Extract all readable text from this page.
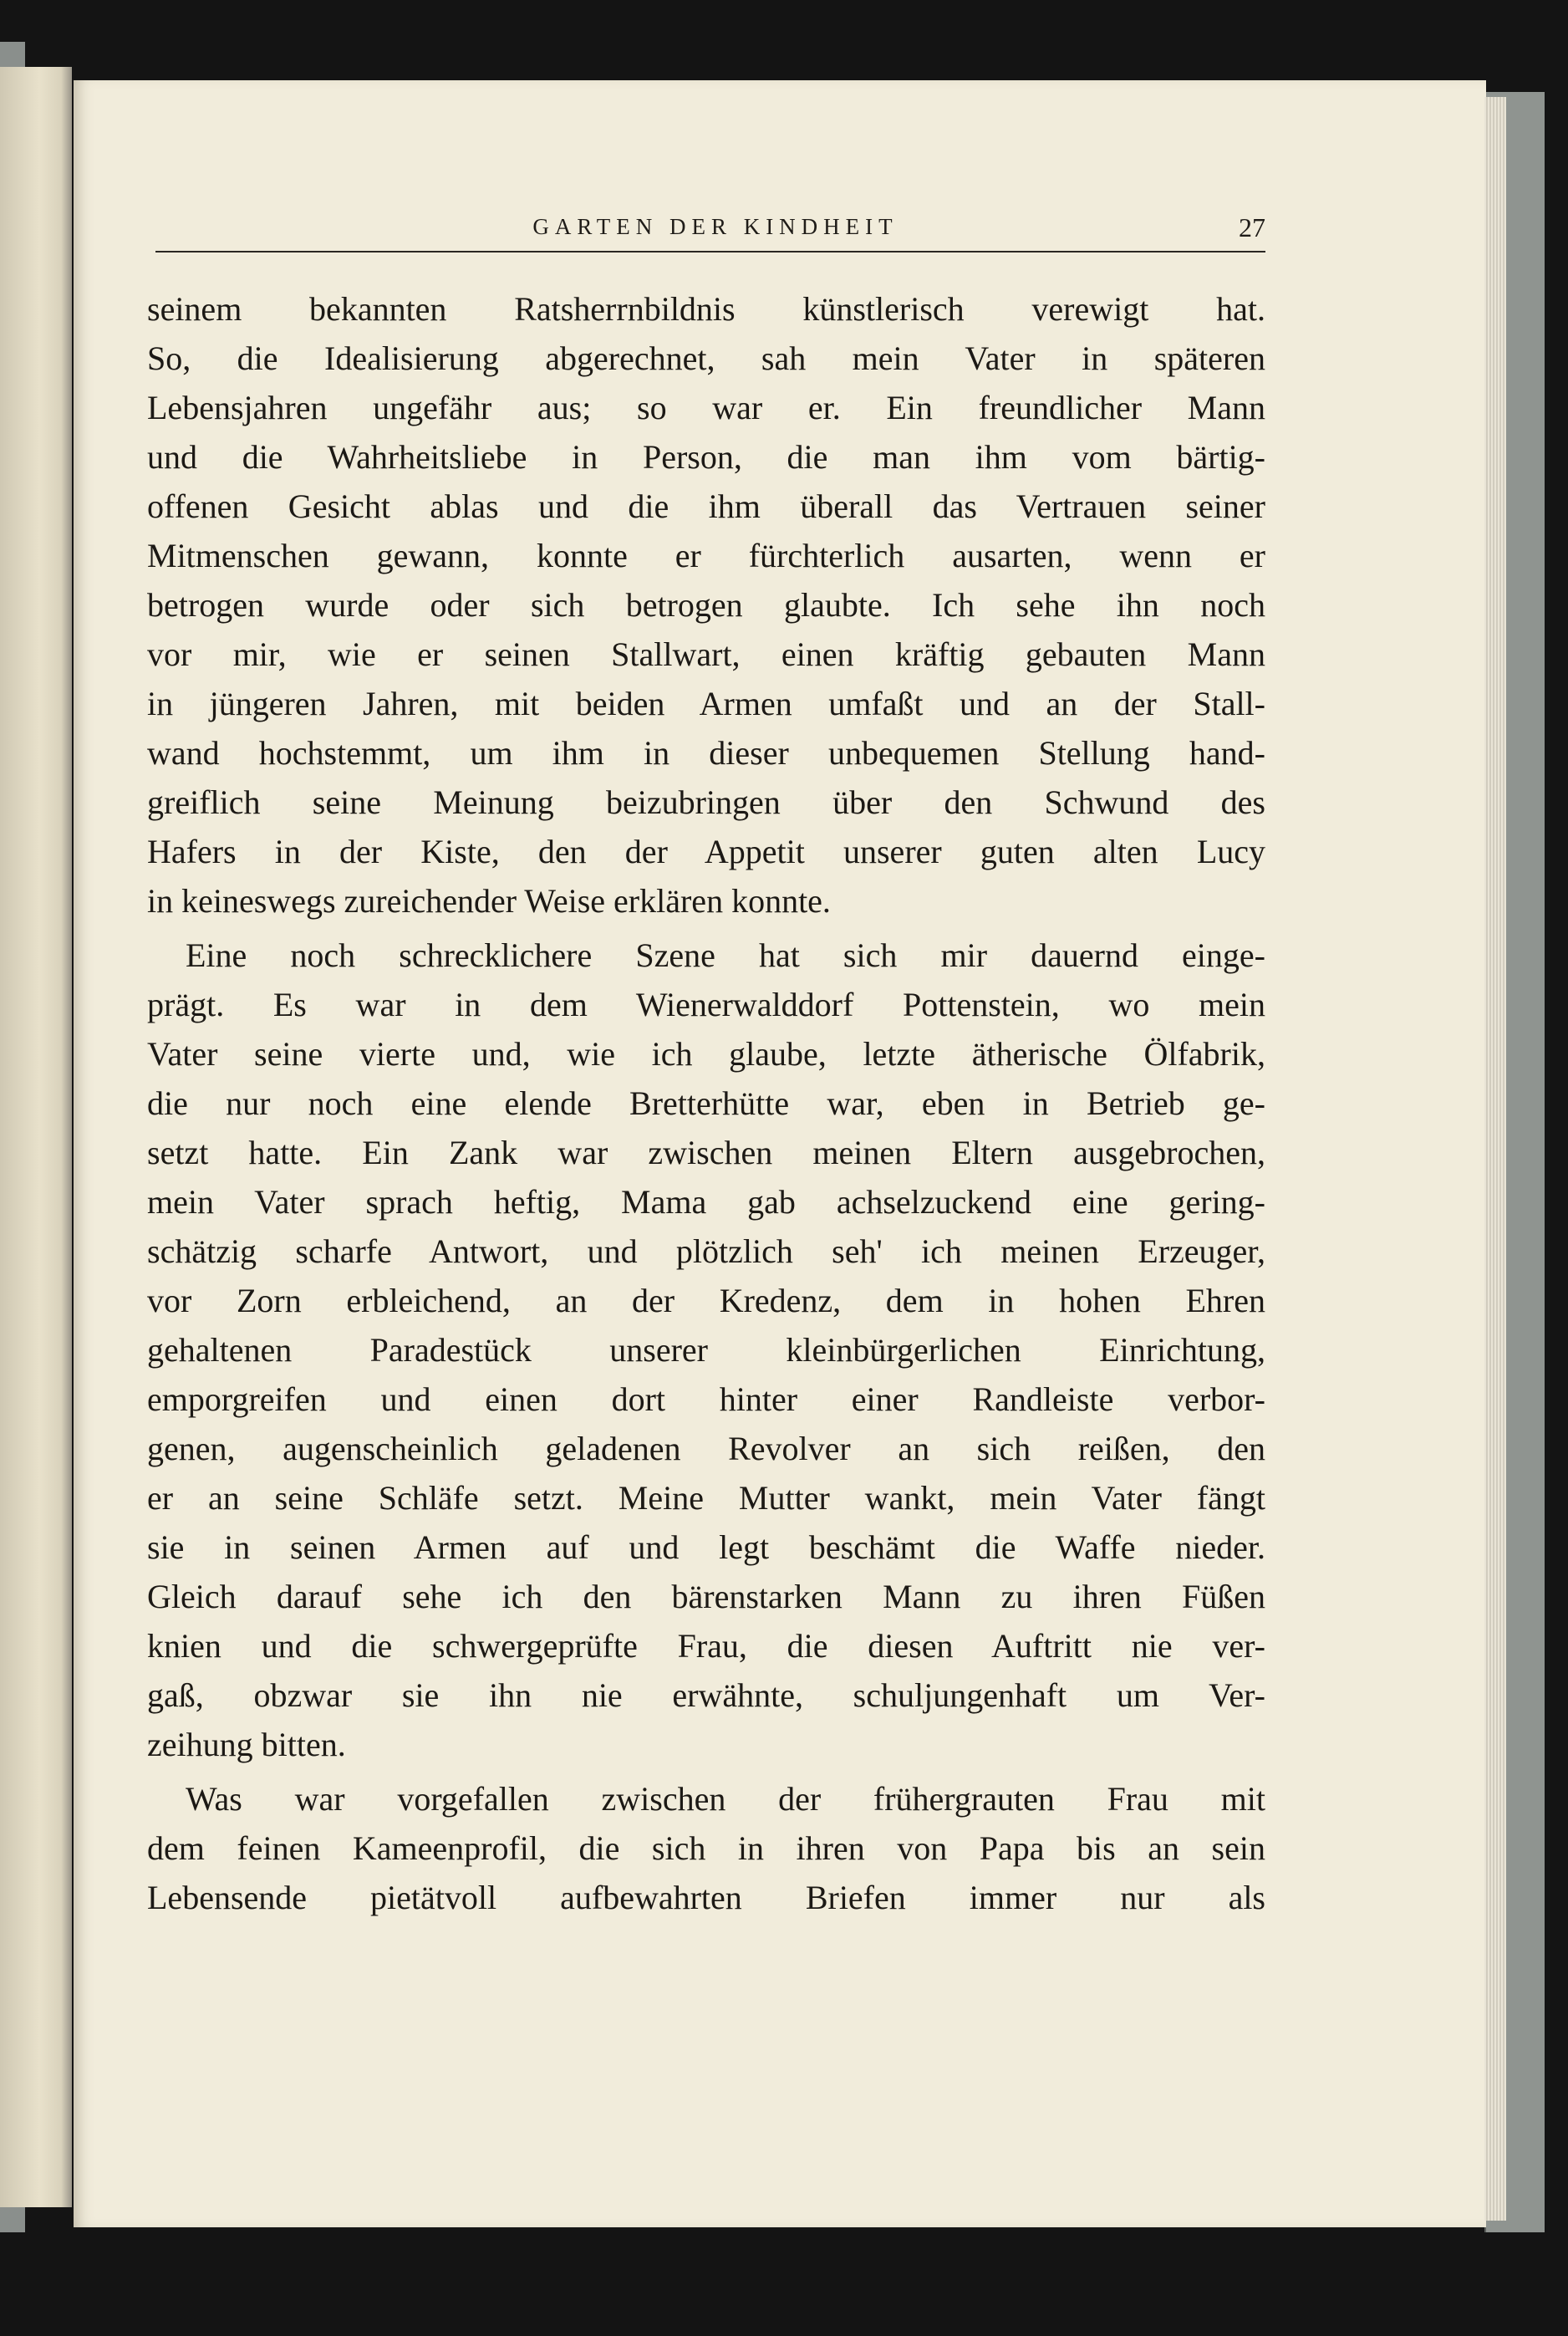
GARTEN DER KINDHEIT	27
seinem bekannten Ratsherrnbildnis künstlerisch verewigt hat.
So, die Idealisierung abgerechnet, sah mein Vater in späteren
Lebensjahren ungefähr aus; so war er. Ein freundlicher Mann
und die Wahrheitsliebe in Person, die man ihm vom bärtig-
offenen Gesicht ablas und die ihm überall das Vertrauen seiner
Mitmenschen gewann, konnte er fürchterlich ausarten, wenn er
betrogen wurde oder sich betrogen glaubte. Ich sehe ihn noch
vor mir, wie er seinen Stallwart, einen kräftig gebauten Mann
in jüngeren Jahren, mit beiden Armen umfaßt und an der Stall-
wand hochstemmt, um ihm in dieser unbequemen Stellung hand-
greiflich seine Meinung beizubringen über den Schwund des
Hafers in der Kiste, den der Appetit unserer guten alten Lucy
in keineswegs zureichender Weise erklären konnte.
Eine noch schrecklichere Szene hat sich mir dauernd einge-
prägt. Es war in dem Wienerwalddorf Pottenstein, wo mein
Vater seine vierte und, wie ich glaube, letzte ätherische Ölfabrik,
die nur noch eine elende Bretterhütte war, eben in Betrieb ge-
setzt hatte. Ein Zank war zwischen meinen Eltern ausgebrochen,
mein Vater sprach heftig, Mama gab achselzuckend eine gering-
schätzig scharfe Antwort, und plötzlich seh' ich meinen Erzeuger,
vor Zorn erbleichend, an der Kredenz, dem in hohen Ehren
gehaltenen Paradestück unserer kleinbürgerlichen Einrichtung,
emporgreifen und einen dort hinter einer Randleiste verbor-
genen, augenscheinlich geladenen Revolver an sich reißen, den
er an seine Schläfe setzt. Meine Mutter wankt, mein Vater fängt
sie in seinen Armen auf und legt beschämt die Waffe nieder.
Gleich darauf sehe ich den bärenstarken Mann zu ihren Füßen
knien und die schwergeprüfte Frau, die diesen Auftritt nie ver-
gaß, obzwar sie ihn nie erwähnte, schuljungenhaft um Ver-
zeihung bitten.
Was war vorgefallen zwischen der frühergrauten Frau mit
dem feinen Kameenprofil, die sich in ihren von Papa bis an sein
Lebensende pietätvoll aufbewahrten Briefen immer nur als
